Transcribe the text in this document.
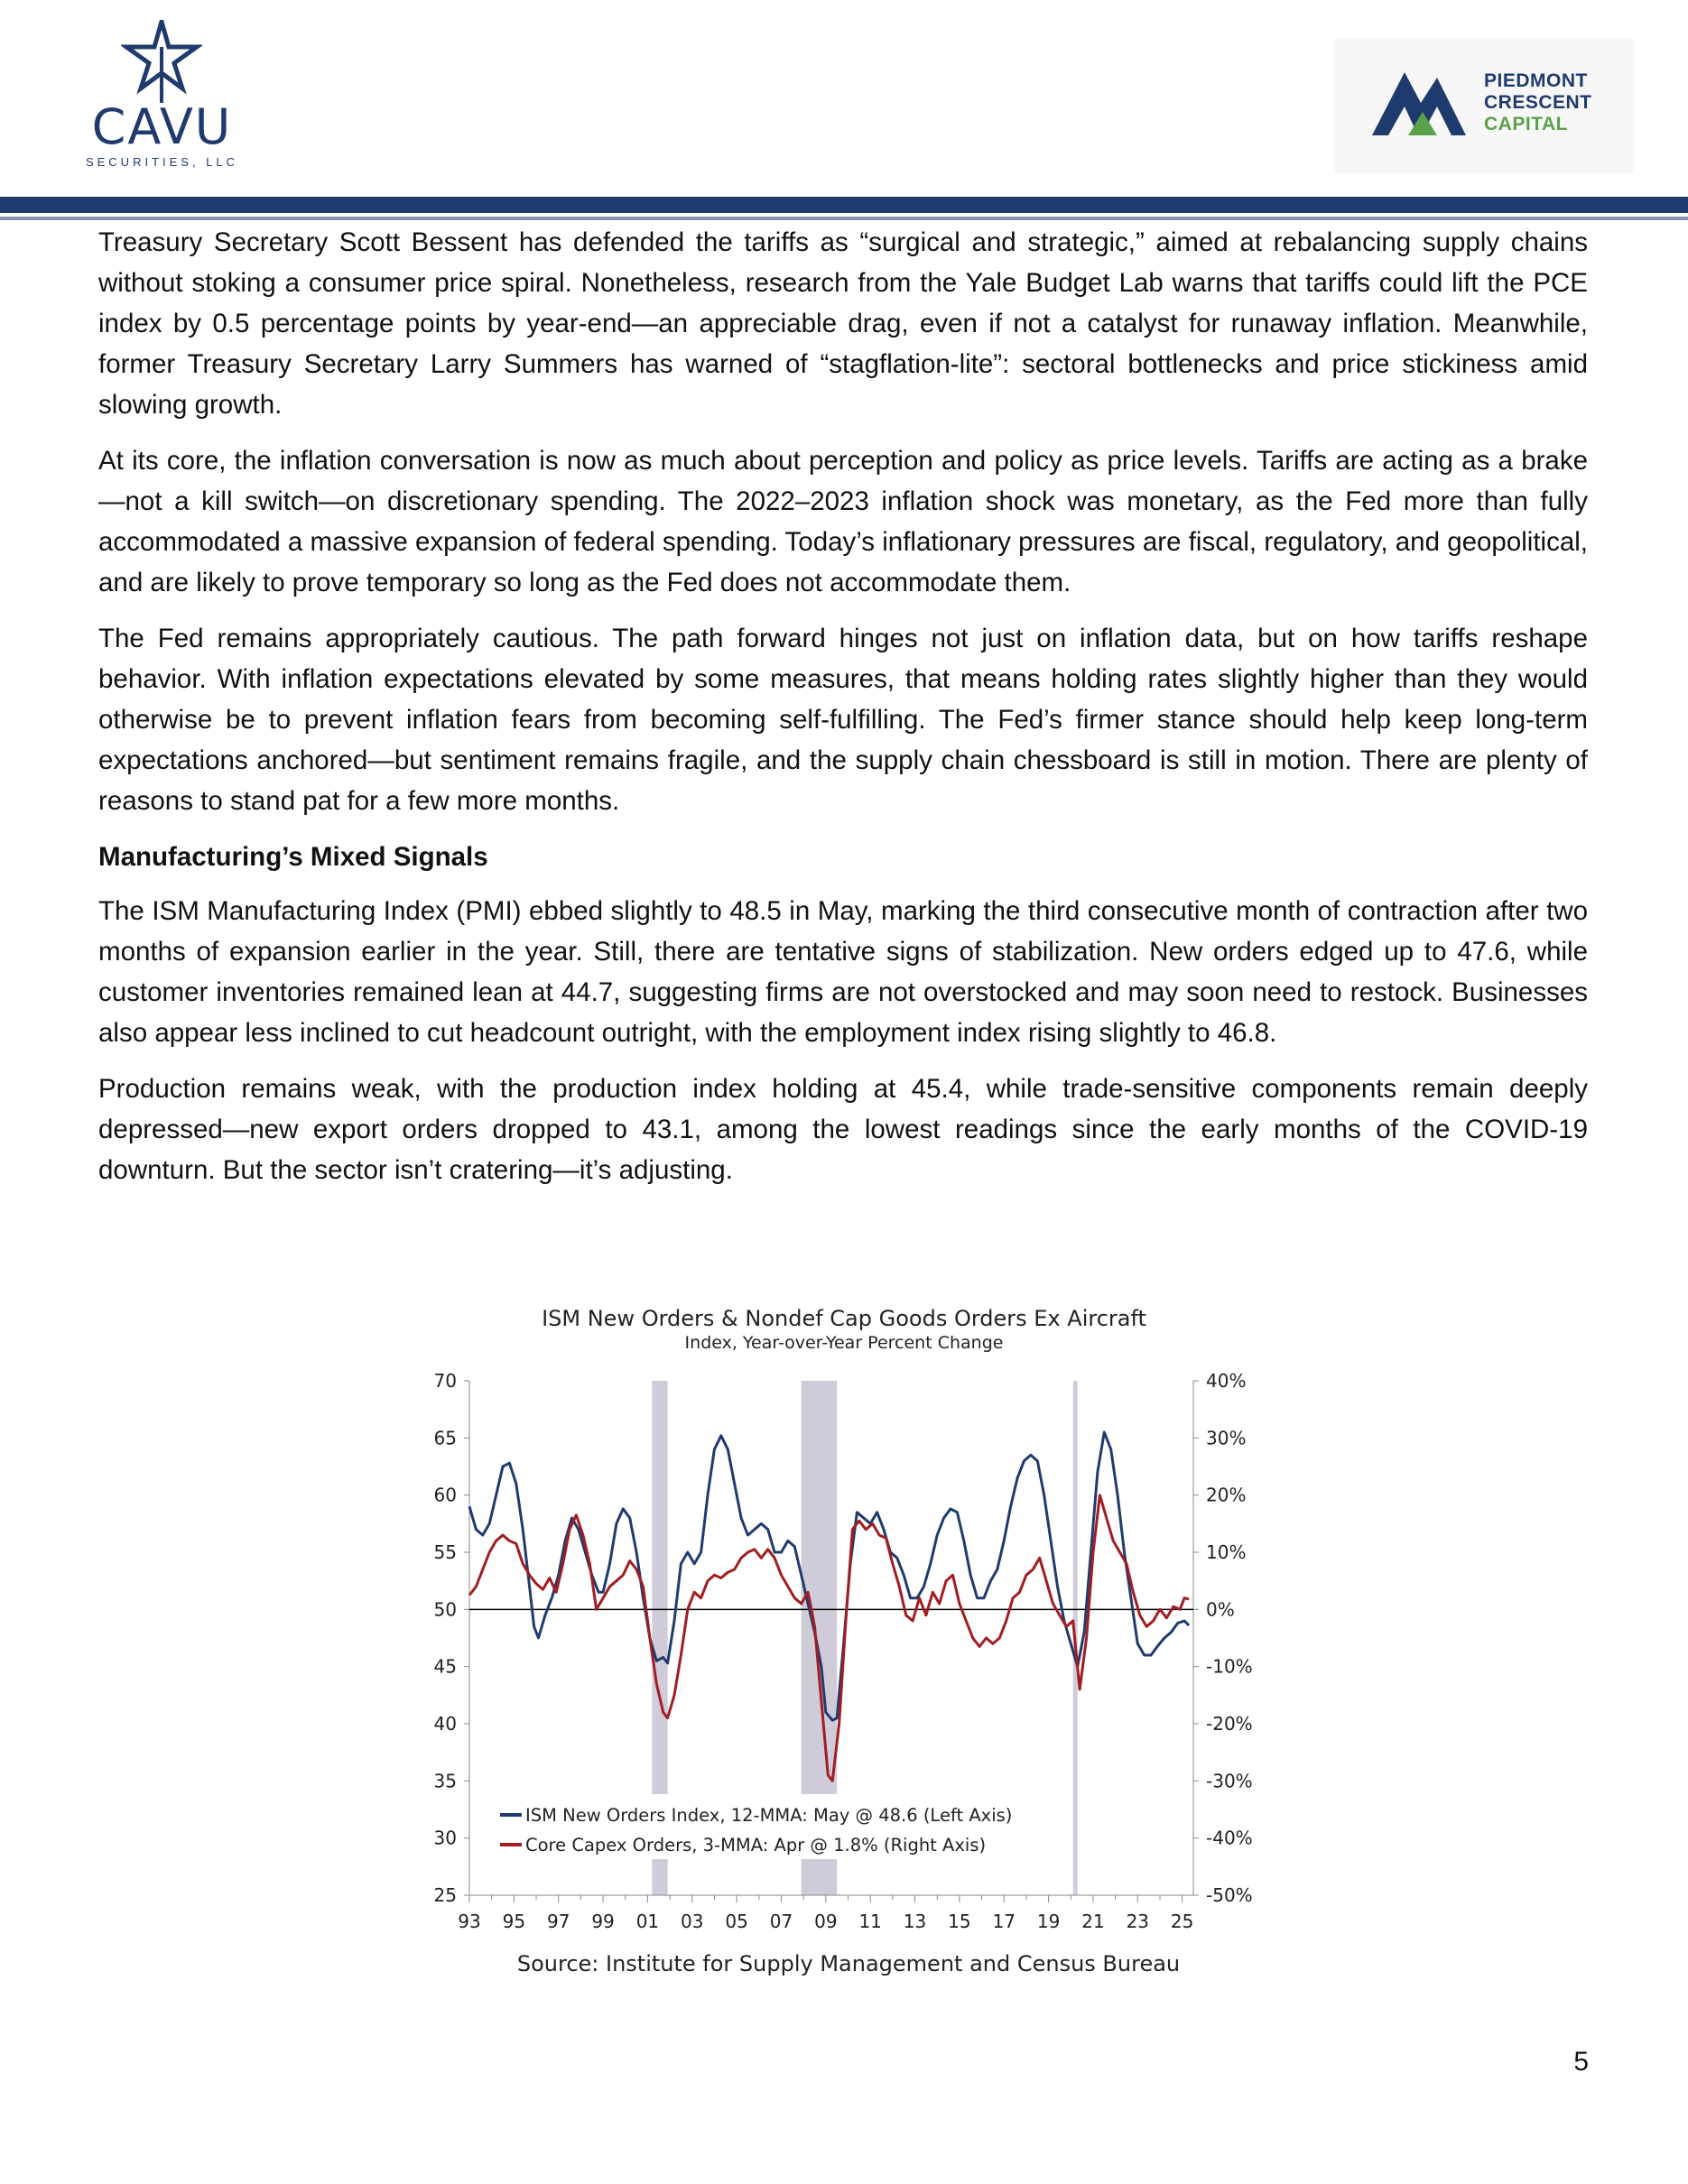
CAVU
SECURITIES, LLC
PIEDMONT
CRESCENT
CAPITAL

Treasury Secretary Scott Bessent has defended the tariffs as “surgical and strategic,” aimed at rebalancing supply chains without stoking a consumer price spiral. Nonetheless, research from the Yale Budget Lab warns that tariffs could lift the PCE index by 0.5 percentage points by year-end—an appreciable drag, even if not a catalyst for runaway inflation. Meanwhile, former Treasury Secretary Larry Summers has warned of “stagflation-lite”: sectoral bottlenecks and price stickiness amid slowing growth.

At its core, the inflation conversation is now as much about perception and policy as price levels. Tariffs are acting as a brake—not a kill switch—on discretionary spending. The 2022–2023 inflation shock was monetary, as the Fed more than fully accommodated a massive expansion of federal spending. Today’s inflationary pressures are fiscal, regulatory, and geopolitical, and are likely to prove temporary so long as the Fed does not accommodate them.

The Fed remains appropriately cautious. The path forward hinges not just on inflation data, but on how tariffs reshape behavior. With inflation expectations elevated by some measures, that means holding rates slightly higher than they would otherwise be to prevent inflation fears from becoming self-fulfilling. The Fed’s firmer stance should help keep long-term expectations anchored—but sentiment remains fragile, and the supply chain chessboard is still in motion. There are plenty of reasons to stand pat for a few more months.

Manufacturing’s Mixed Signals

The ISM Manufacturing Index (PMI) ebbed slightly to 48.5 in May, marking the third consecutive month of contraction after two months of expansion earlier in the year. Still, there are tentative signs of stabilization. New orders edged up to 47.6, while customer inventories remained lean at 44.7, suggesting firms are not overstocked and may soon need to restock. Businesses also appear less inclined to cut headcount outright, with the employment index rising slightly to 46.8.

Production remains weak, with the production index holding at 45.4, while trade-sensitive components remain deeply depressed—new export orders dropped to 43.1, among the lowest readings since the early months of the COVID-19 downturn. But the sector isn’t cratering—it’s adjusting.

70
65
60
55
50
45
40
35
30
25
40%
30%
20%
10%
0%
-10%
-20%
-30%
-40%
-50%
93 95 97 99 01 03 05 07 09 11 13 15 17 19 21 23 25
ISM New Orders & Nondef Cap Goods Orders Ex Aircraft
Index, Year-over-Year Percent Change
ISM New Orders Index, 12-MMA: May @ 48.6 (Left Axis)
Core Capex Orders, 3-MMA: Apr @ 1.8% (Right Axis)
Source: Institute for Supply Management and Census Bureau
5
